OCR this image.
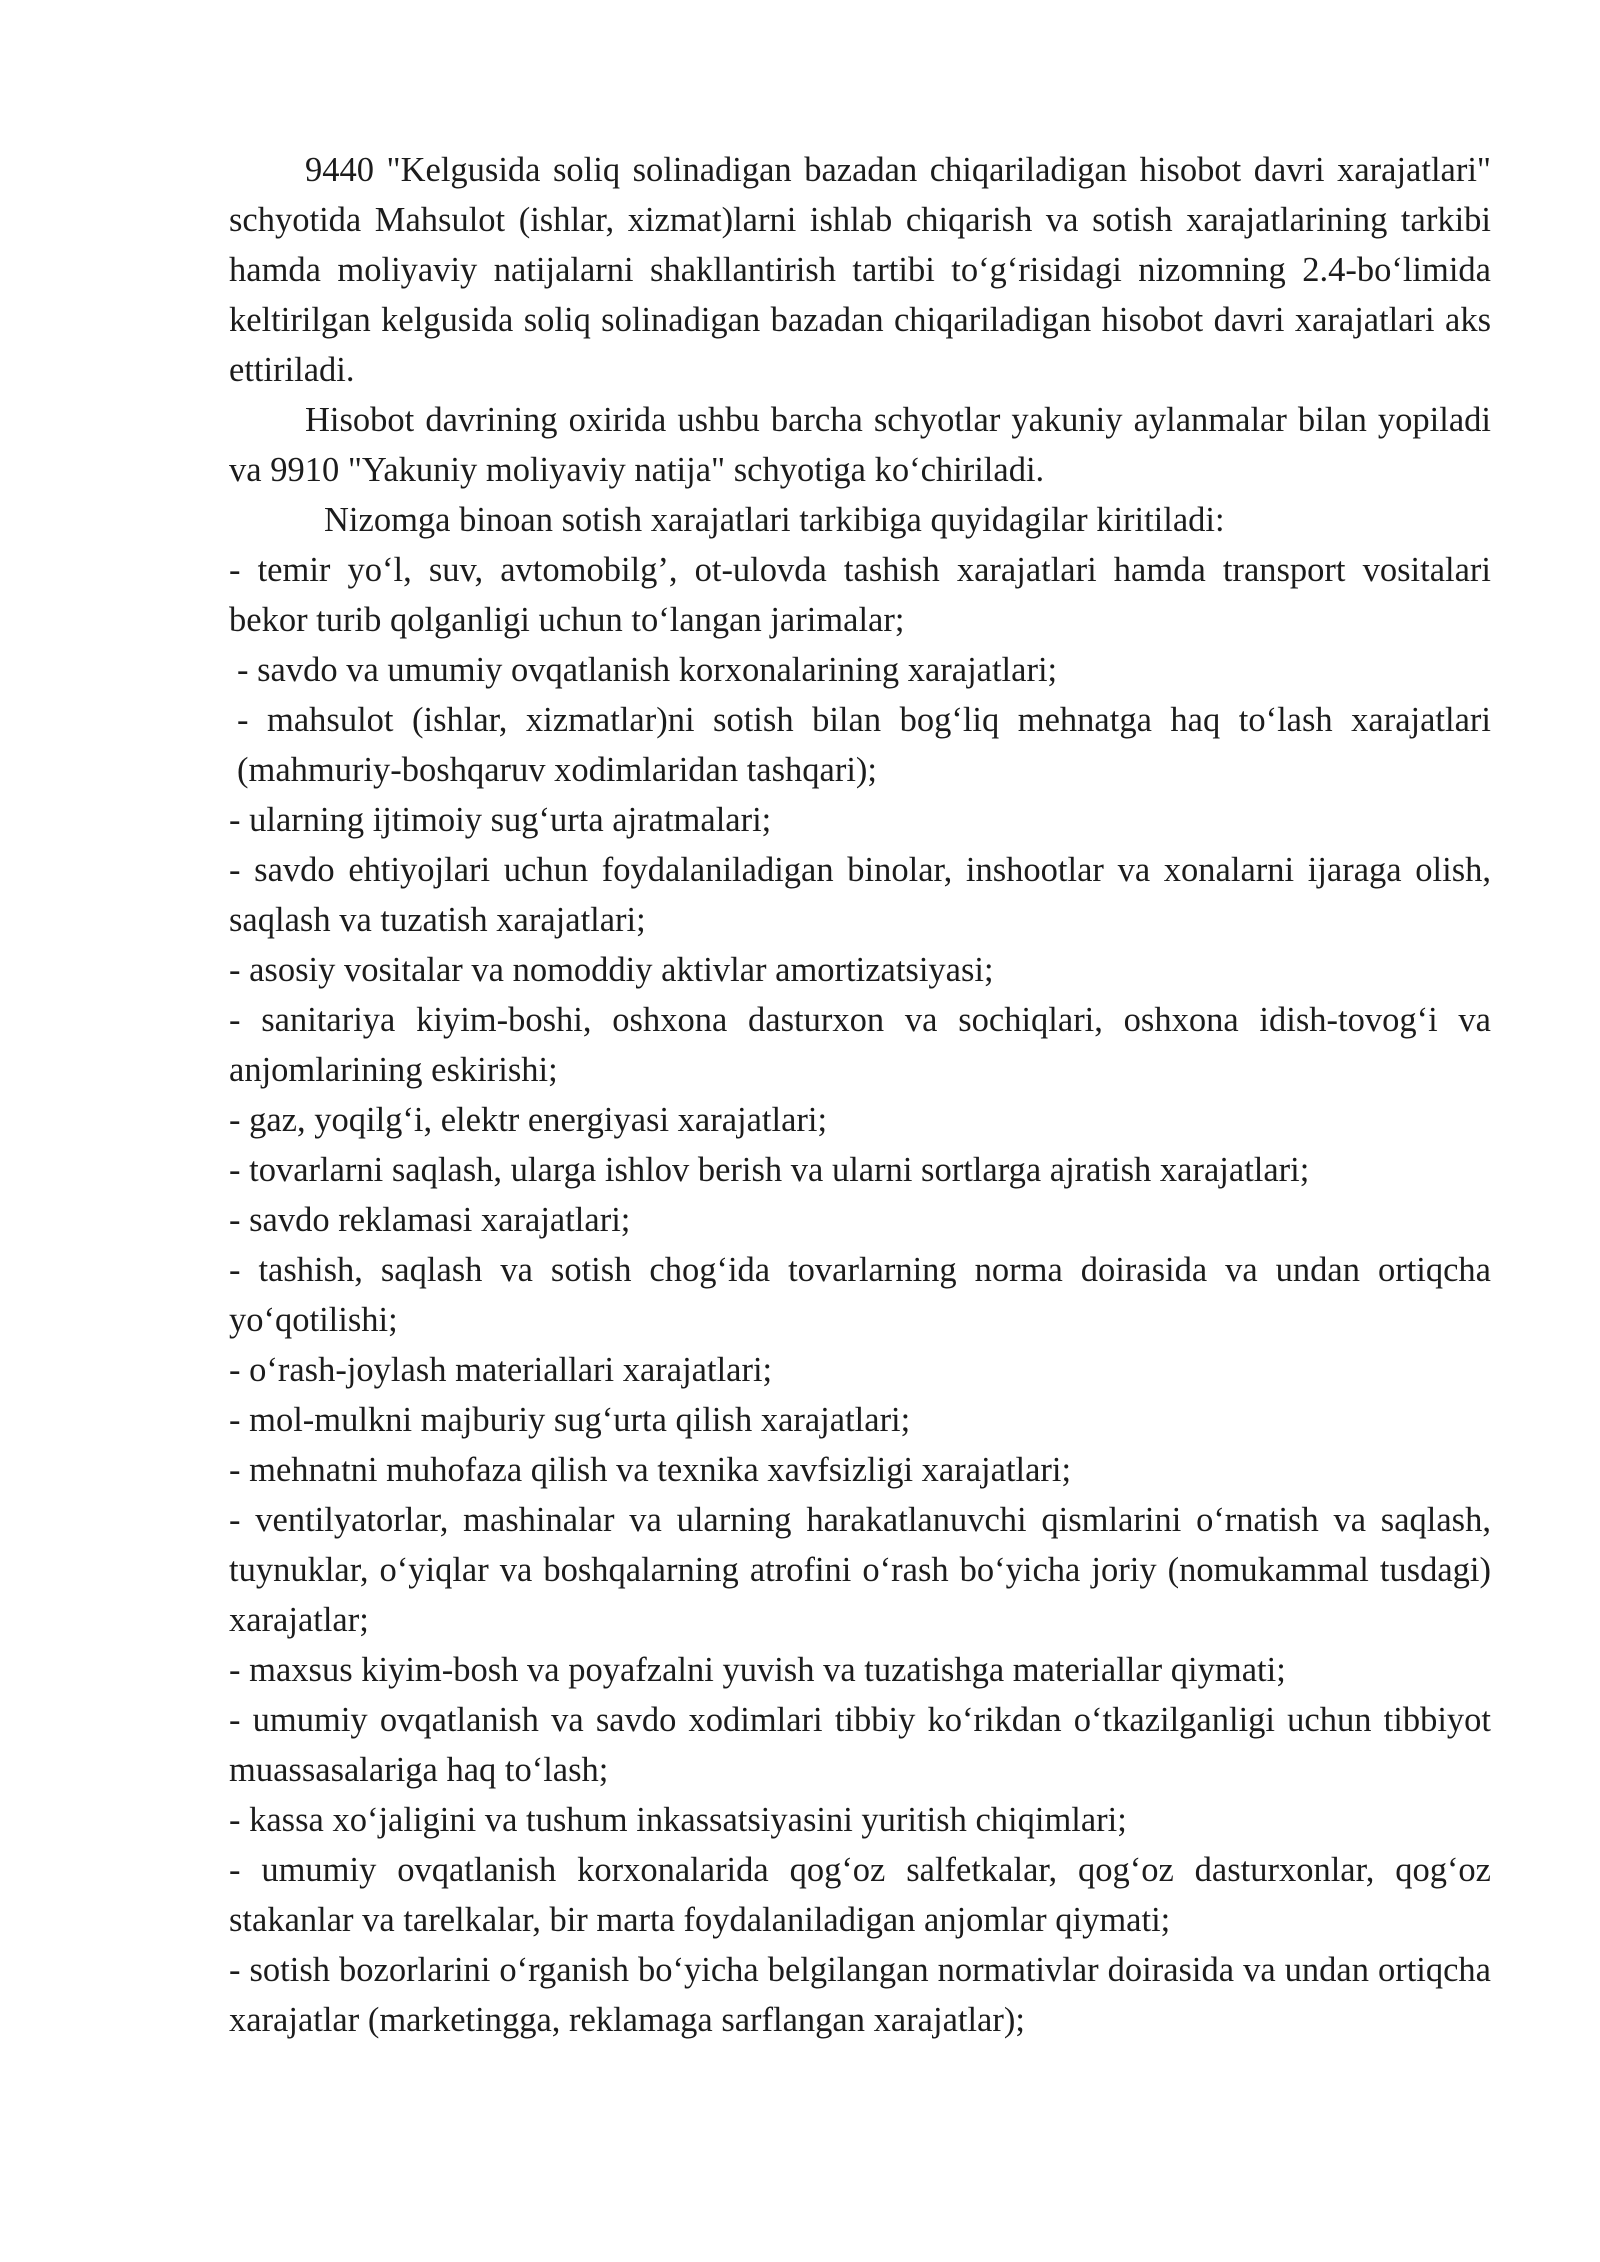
9440 "Kelgusida soliq solinadigan bazadan chiqariladigan hisobot davri xarajatlari" schyotida Mahsulot (ishlar, xizmat)larni ishlab chiqarish va sotish xarajatlarining tarkibi hamda moliyaviy natijalarni shakllantirish tartibi to‘g‘risidagi nizomning 2.4-bo‘limida keltirilgan kelgusida soliq solinadigan bazadan chiqariladigan hisobot davri xarajatlari aks ettiriladi.

Hisobot davrining oxirida ushbu barcha schyotlar yakuniy aylanmalar bilan yopiladi va 9910 "Yakuniy moliyaviy natija" schyotiga ko‘chiriladi.

Nizomga binoan sotish xarajatlari tarkibiga quyidagilar kiritiladi:

- temir yo‘l, suv, avtomobilg’, ot-ulovda tashish xarajatlari hamda transport vositalari bekor turib qolganligi uchun to‘langan jarimalar;

- savdo va umumiy ovqatlanish korxonalarining xarajatlari;

- mahsulot (ishlar, xizmatlar)ni sotish bilan bog‘liq mehnatga haq to‘lash xarajatlari (mahmuriy-boshqaruv xodimlaridan tashqari);

- ularning ijtimoiy sug‘urta ajratmalari;

- savdo ehtiyojlari uchun foydalaniladigan binolar, inshootlar va xonalarni ijaraga olish, saqlash va tuzatish xarajatlari;

- asosiy vositalar va nomoddiy aktivlar amortizatsiyasi;

- sanitariya kiyim-boshi, oshxona dasturxon va sochiqlari, oshxona idish-tovog‘i va anjomlarining eskirishi;

- gaz, yoqilg‘i, elektr energiyasi xarajatlari;

- tovarlarni saqlash, ularga ishlov berish va ularni sortlarga ajratish xarajatlari;

- savdo reklamasi xarajatlari;

- tashish, saqlash va sotish chog‘ida tovarlarning norma doirasida va undan ortiqcha yo‘qotilishi;

- o‘rash-joylash materiallari xarajatlari;

- mol-mulkni majburiy sug‘urta qilish xarajatlari;

- mehnatni muhofaza qilish va texnika xavfsizligi xarajatlari;

- ventilyatorlar, mashinalar va ularning harakatlanuvchi qismlarini o‘rnatish va saqlash, tuynuklar, o‘yiqlar va boshqalarning atrofini o‘rash bo‘yicha joriy (nomukammal tusdagi) xarajatlar;

- maxsus kiyim-bosh va poyafzalni yuvish va tuzatishga materiallar qiymati;

- umumiy ovqatlanish va savdo xodimlari tibbiy ko‘rikdan o‘tkazilganligi uchun tibbiyot muassasalariga haq to‘lash;

- kassa xo‘jaligini va tushum inkassatsiyasini yuritish chiqimlari;

- umumiy ovqatlanish korxonalarida qog‘oz salfetkalar, qog‘oz dasturxonlar, qog‘oz stakanlar va tarelkalar, bir marta foydalaniladigan anjomlar qiymati;

- sotish bozorlarini o‘rganish bo‘yicha belgilangan normativlar doirasida va undan ortiqcha xarajatlar (marketingga, reklamaga sarflangan xarajatlar);
